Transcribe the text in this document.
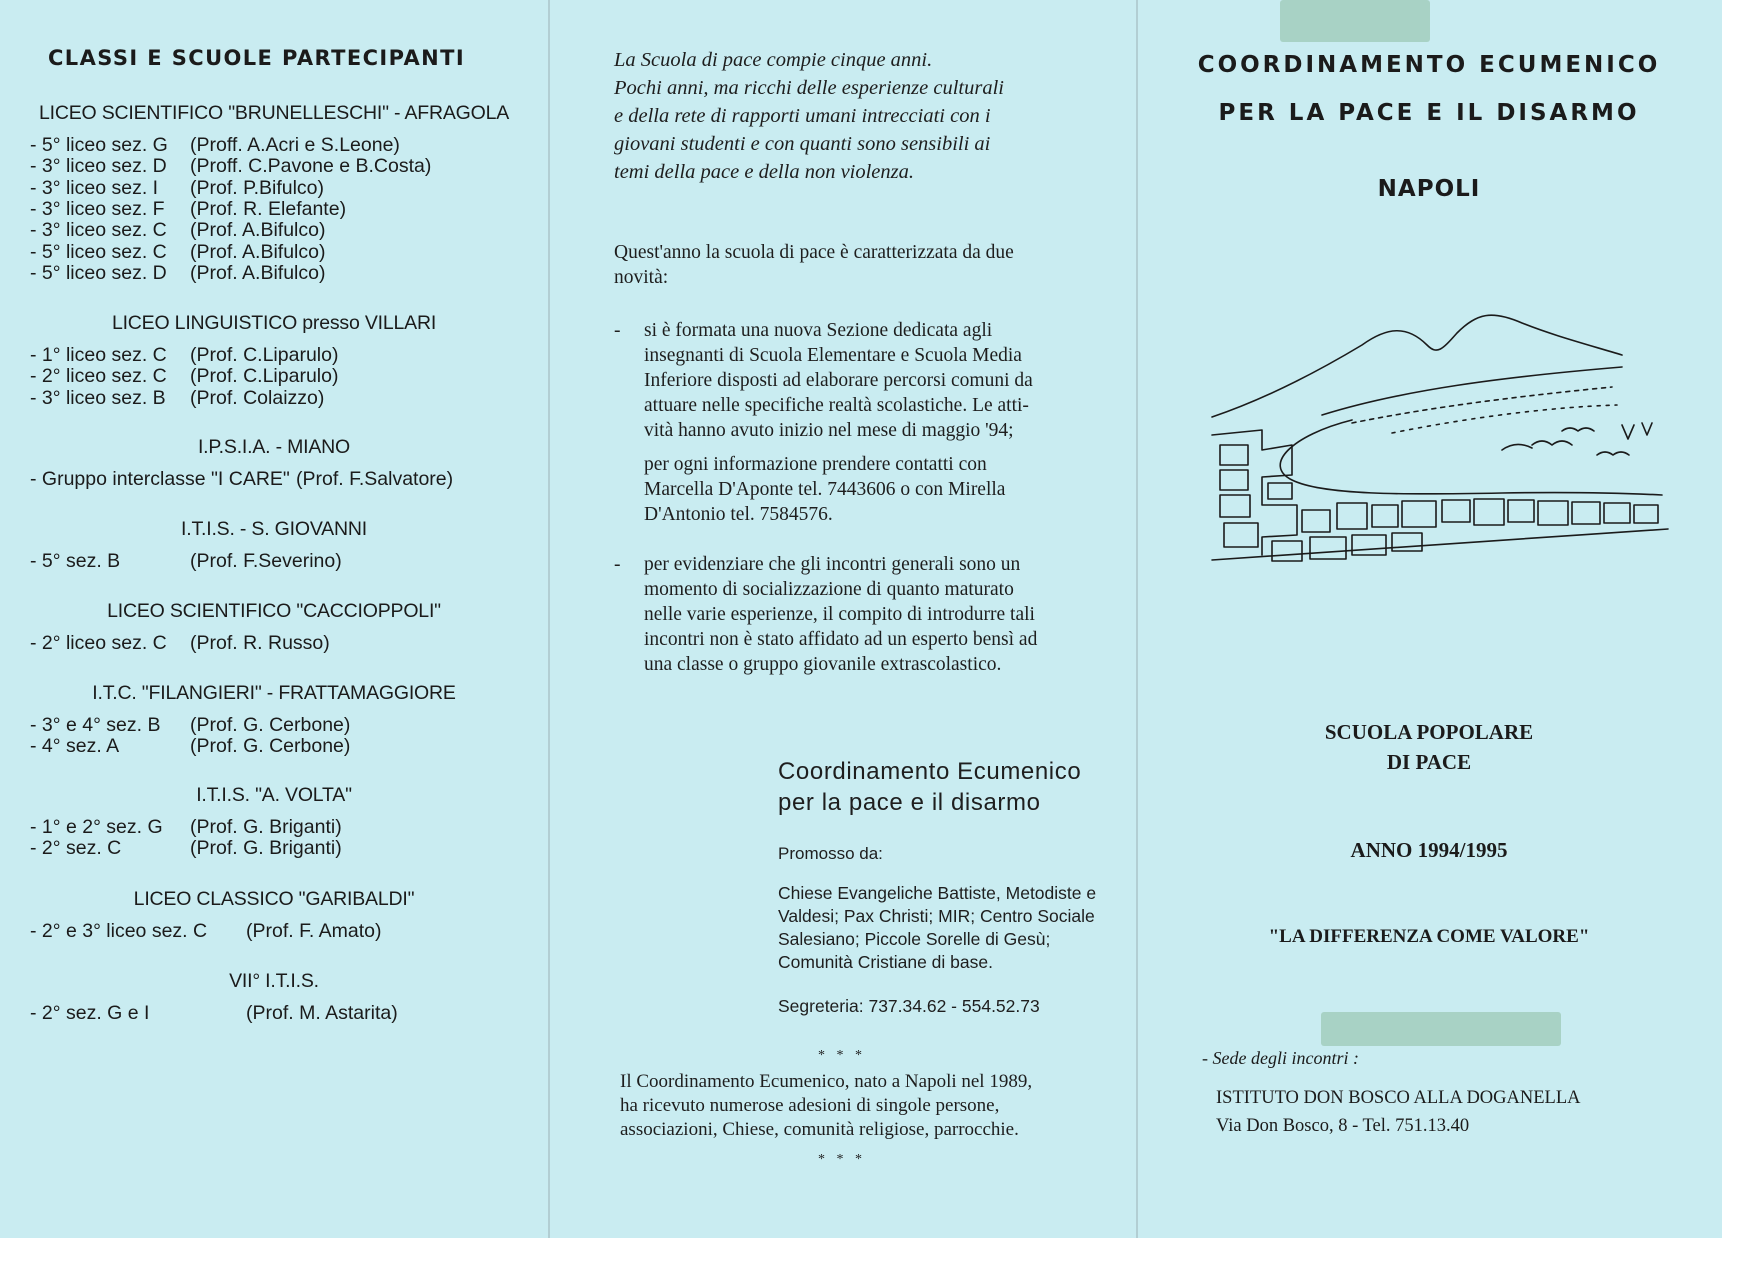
CLASSI E SCUOLE PARTECIPANTI
LICEO SCIENTIFICO "BRUNELLESCHI" - AFRAGOLA
- 5° liceo sez. G (Proff. A.Acri e S.Leone)
- 3° liceo sez. D (Proff. C.Pavone e B.Costa)
- 3° liceo sez. I (Prof. P.Bifulco)
- 3° liceo sez. F (Prof. R. Elefante)
- 3° liceo sez. C (Prof. A.Bifulco)
- 5° liceo sez. C (Prof. A.Bifulco)
- 5° liceo sez. D (Prof. A.Bifulco)
LICEO LINGUISTICO presso VILLARI
- 1° liceo sez. C (Prof. C.Liparulo)
- 2° liceo sez. C (Prof. C.Liparulo)
- 3° liceo sez. B (Prof. Colaizzo)
I.P.S.I.A. - MIANO
- Gruppo interclasse "I CARE" (Prof. F.Salvatore)
I.T.I.S. - S. GIOVANNI
- 5° sez. B	(Prof. F.Severino)
LICEO SCIENTIFICO "CACCIOPPOLI"
- 2° liceo sez. C (Prof. R. Russo)
I.T.C. "FILANGIERI" - FRATTAMAGGIORE
- 3° e 4° sez. B (Prof. G. Cerbone)
- 4° sez. A	(Prof. G. Cerbone)
I.T.I.S. "A. VOLTA"
- 1° e 2° sez. G (Prof. G. Briganti)
- 2° sez. C	(Prof. G. Briganti)
LICEO CLASSICO "GARIBALDI"
- 2° e 3° liceo sez. C (Prof. F. Amato)
VII° I.T.I.S.
- 2° sez. G e I	(Prof. M. Astarita)

La Scuola di pace compie cinque anni.

Pochi anni, ma ricchi delle esperienze culturali

e della rete di rapporti umani intrecciati con i

giovani studenti e con quanti sono sensibili ai

temi della pace e della non violenza.

Quest'anno la scuola di pace è caratterizzata da due

novità:

- si è formata una nuova Sezione dedicata agli

insegnanti di Scuola Elementare e Scuola Media

Inferiore disposti ad elaborare percorsi comuni da

attuare nelle specifiche realtà scolastiche. Le atti-

vità hanno avuto inizio nel mese di maggio '94;

per ogni informazione prendere contatti con

Marcella D'Aponte tel. 7443606 o con Mirella

D'Antonio tel. 7584576.

- per evidenziare che gli incontri generali sono un

momento di socializzazione di quanto maturato

nelle varie esperienze, il compito di introdurre tali

incontri non è stato affidato ad un esperto bensì ad

una classe o gruppo giovanile extrascolastico.

Coordinamento Ecumenico

per la pace e il disarmo

Promosso da:

Chiese Evangeliche Battiste, Metodiste e

Valdesi; Pax Christi; MIR; Centro Sociale

Salesiano; Piccole Sorelle di Gesù;

Comunità Cristiane di base.

Segreteria: 737.34.62 - 554.52.73
* * *

Il Coordinamento Ecumenico, nato a Napoli nel 1989,

ha ricevuto numerose adesioni di singole persone,

associazioni, Chiese, comunità religiose, parrocchie.

* * *
COORDINAMENTO ECUMENICO
PER LA PACE E IL DISARMO
NAPOLI
SCUOLA POPOLARE
DI PACE
ANNO 1994/1995
"LA DIFFERENZA COME VALORE"
- Sede degli incontri :
ISTITUTO DON BOSCO ALLA DOGANELLA
Via Don Bosco, 8 - Tel. 751.13.40
